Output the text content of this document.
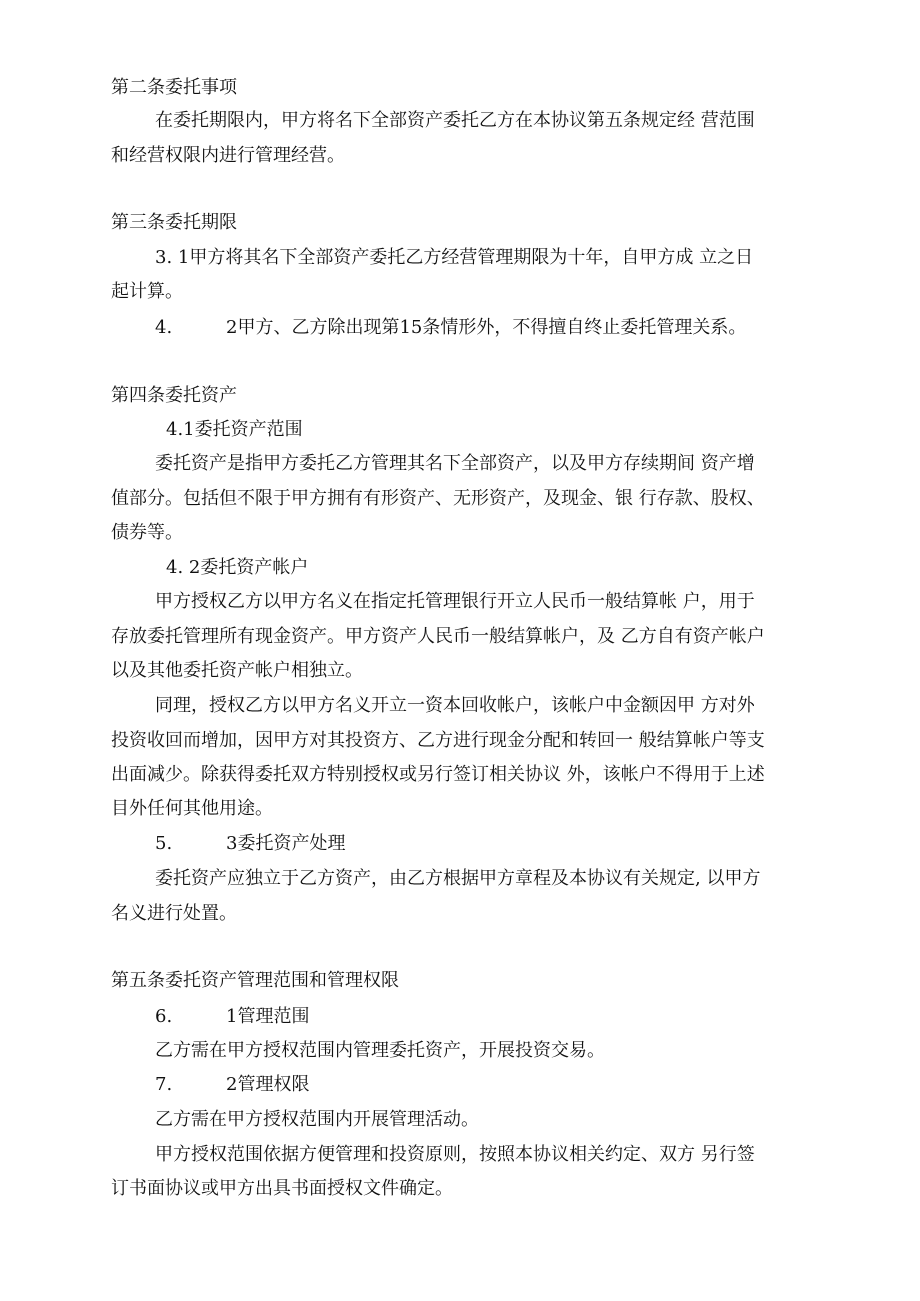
第二条委托事项
在委托期限内，甲方将名下全部资产委托乙方在本协议第五条规定经 营范围
和经营权限内进行管理经营。
第三条委托期限
3. 1甲方将其名下全部资产委托乙方经营管理期限为十年，自甲方成 立之日
起计算。
4.	2甲方、乙方除出现第15条情形外，不得擅自终止委托管理关系。
第四条委托资产
4.1委托资产范围
委托资产是指甲方委托乙方管理其名下全部资产，以及甲方存续期间 资产增
值部分。包括但不限于甲方拥有有形资产、无形资产，及现金、银 行存款、股权、
债券等。
4. 2委托资产帐户
甲方授权乙方以甲方名义在指定托管理银行开立人民币一般结算帐 户，用于
存放委托管理所有现金资产。甲方资产人民币一般结算帐户，及 乙方自有资产帐户
以及其他委托资产帐户相独立。
同理，授权乙方以甲方名义开立一资本回收帐户，该帐户中金额因甲 方对外
投资收回而增加，因甲方对其投资方、乙方进行现金分配和转回一 般结算帐户等支
出面减少。除获得委托双方特别授权或另行签订相关协议 外，该帐户不得用于上述
目外任何其他用途。
5.	3委托资产处理
委托资产应独立于乙方资产，由乙方根据甲方章程及本协议有关规定, 以甲方
名义进行处置。
第五条委托资产管理范围和管理权限
6.	1管理范围
乙方需在甲方授权范围内管理委托资产，开展投资交易。
7.	2管理权限
乙方需在甲方授权范围内开展管理活动。
甲方授权范围依据方便管理和投资原则，按照本协议相关约定、双方 另行签
订书面协议或甲方出具书面授权文件确定。
